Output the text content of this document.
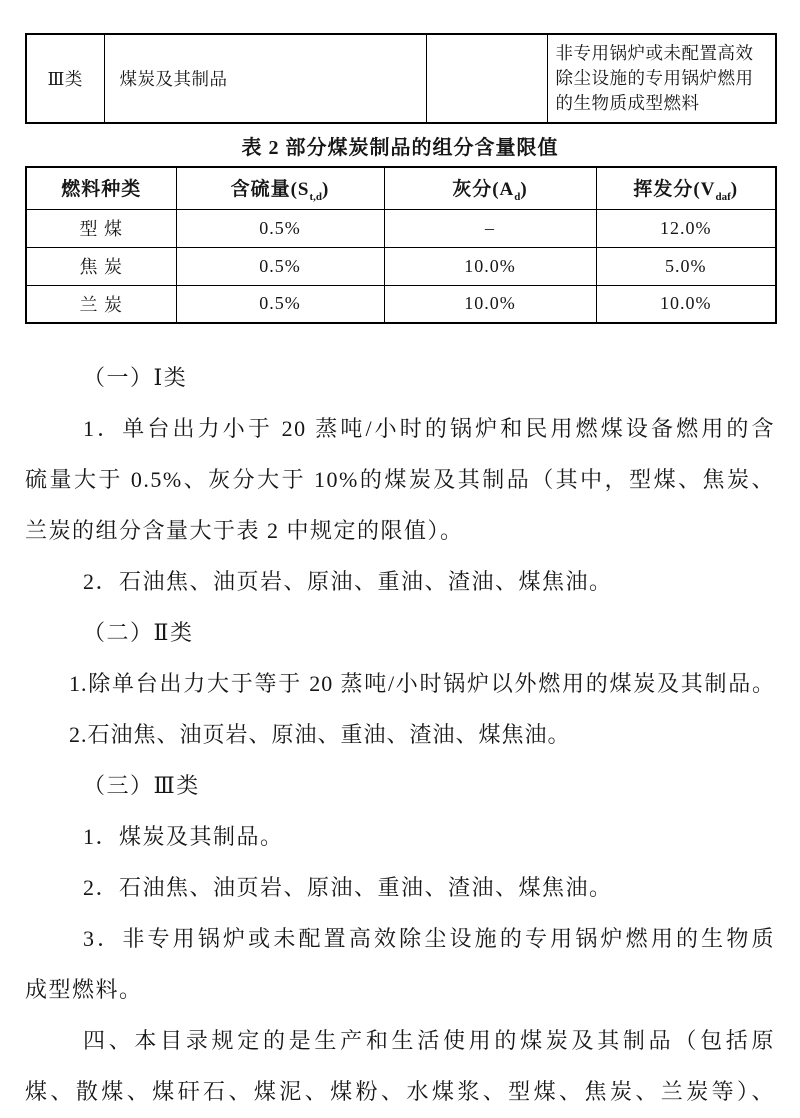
Ⅲ类	煤炭及其制品		非专用锅炉或未配置高效除尘设施的专用锅炉燃用的生物质成型燃料
表 2 部分煤炭制品的组分含量限值
燃料种类	含硫量$(S_{t,d})$	灰分$(A_d)$	挥发分$(V_{daf})$
型 煤	0.5%	–	12.0%
焦 炭	0.5%	10.0%	5.0%
兰 炭	0.5%	10.0%	10.0%
（一）Ⅰ类
1．单台出力小于 20 蒸吨/小时的锅炉和民用燃煤设备燃用的含
硫量大于 0.5%、灰分大于 10%的煤炭及其制品（其中，型煤、焦炭、
兰炭的组分含量大于表 2 中规定的限值）。
2．石油焦、油页岩、原油、重油、渣油、煤焦油。
（二）Ⅱ类
1.除单台出力大于等于 20 蒸吨/小时锅炉以外燃用的煤炭及其制品。
2.石油焦、油页岩、原油、重油、渣油、煤焦油。
（三）Ⅲ类
1．煤炭及其制品。
2．石油焦、油页岩、原油、重油、渣油、煤焦油。
3．非专用锅炉或未配置高效除尘设施的专用锅炉燃用的生物质
成型燃料。
四、本目录规定的是生产和生活使用的煤炭及其制品（包括原
煤、散煤、煤矸石、煤泥、煤粉、水煤浆、型煤、焦炭、兰炭等）、
